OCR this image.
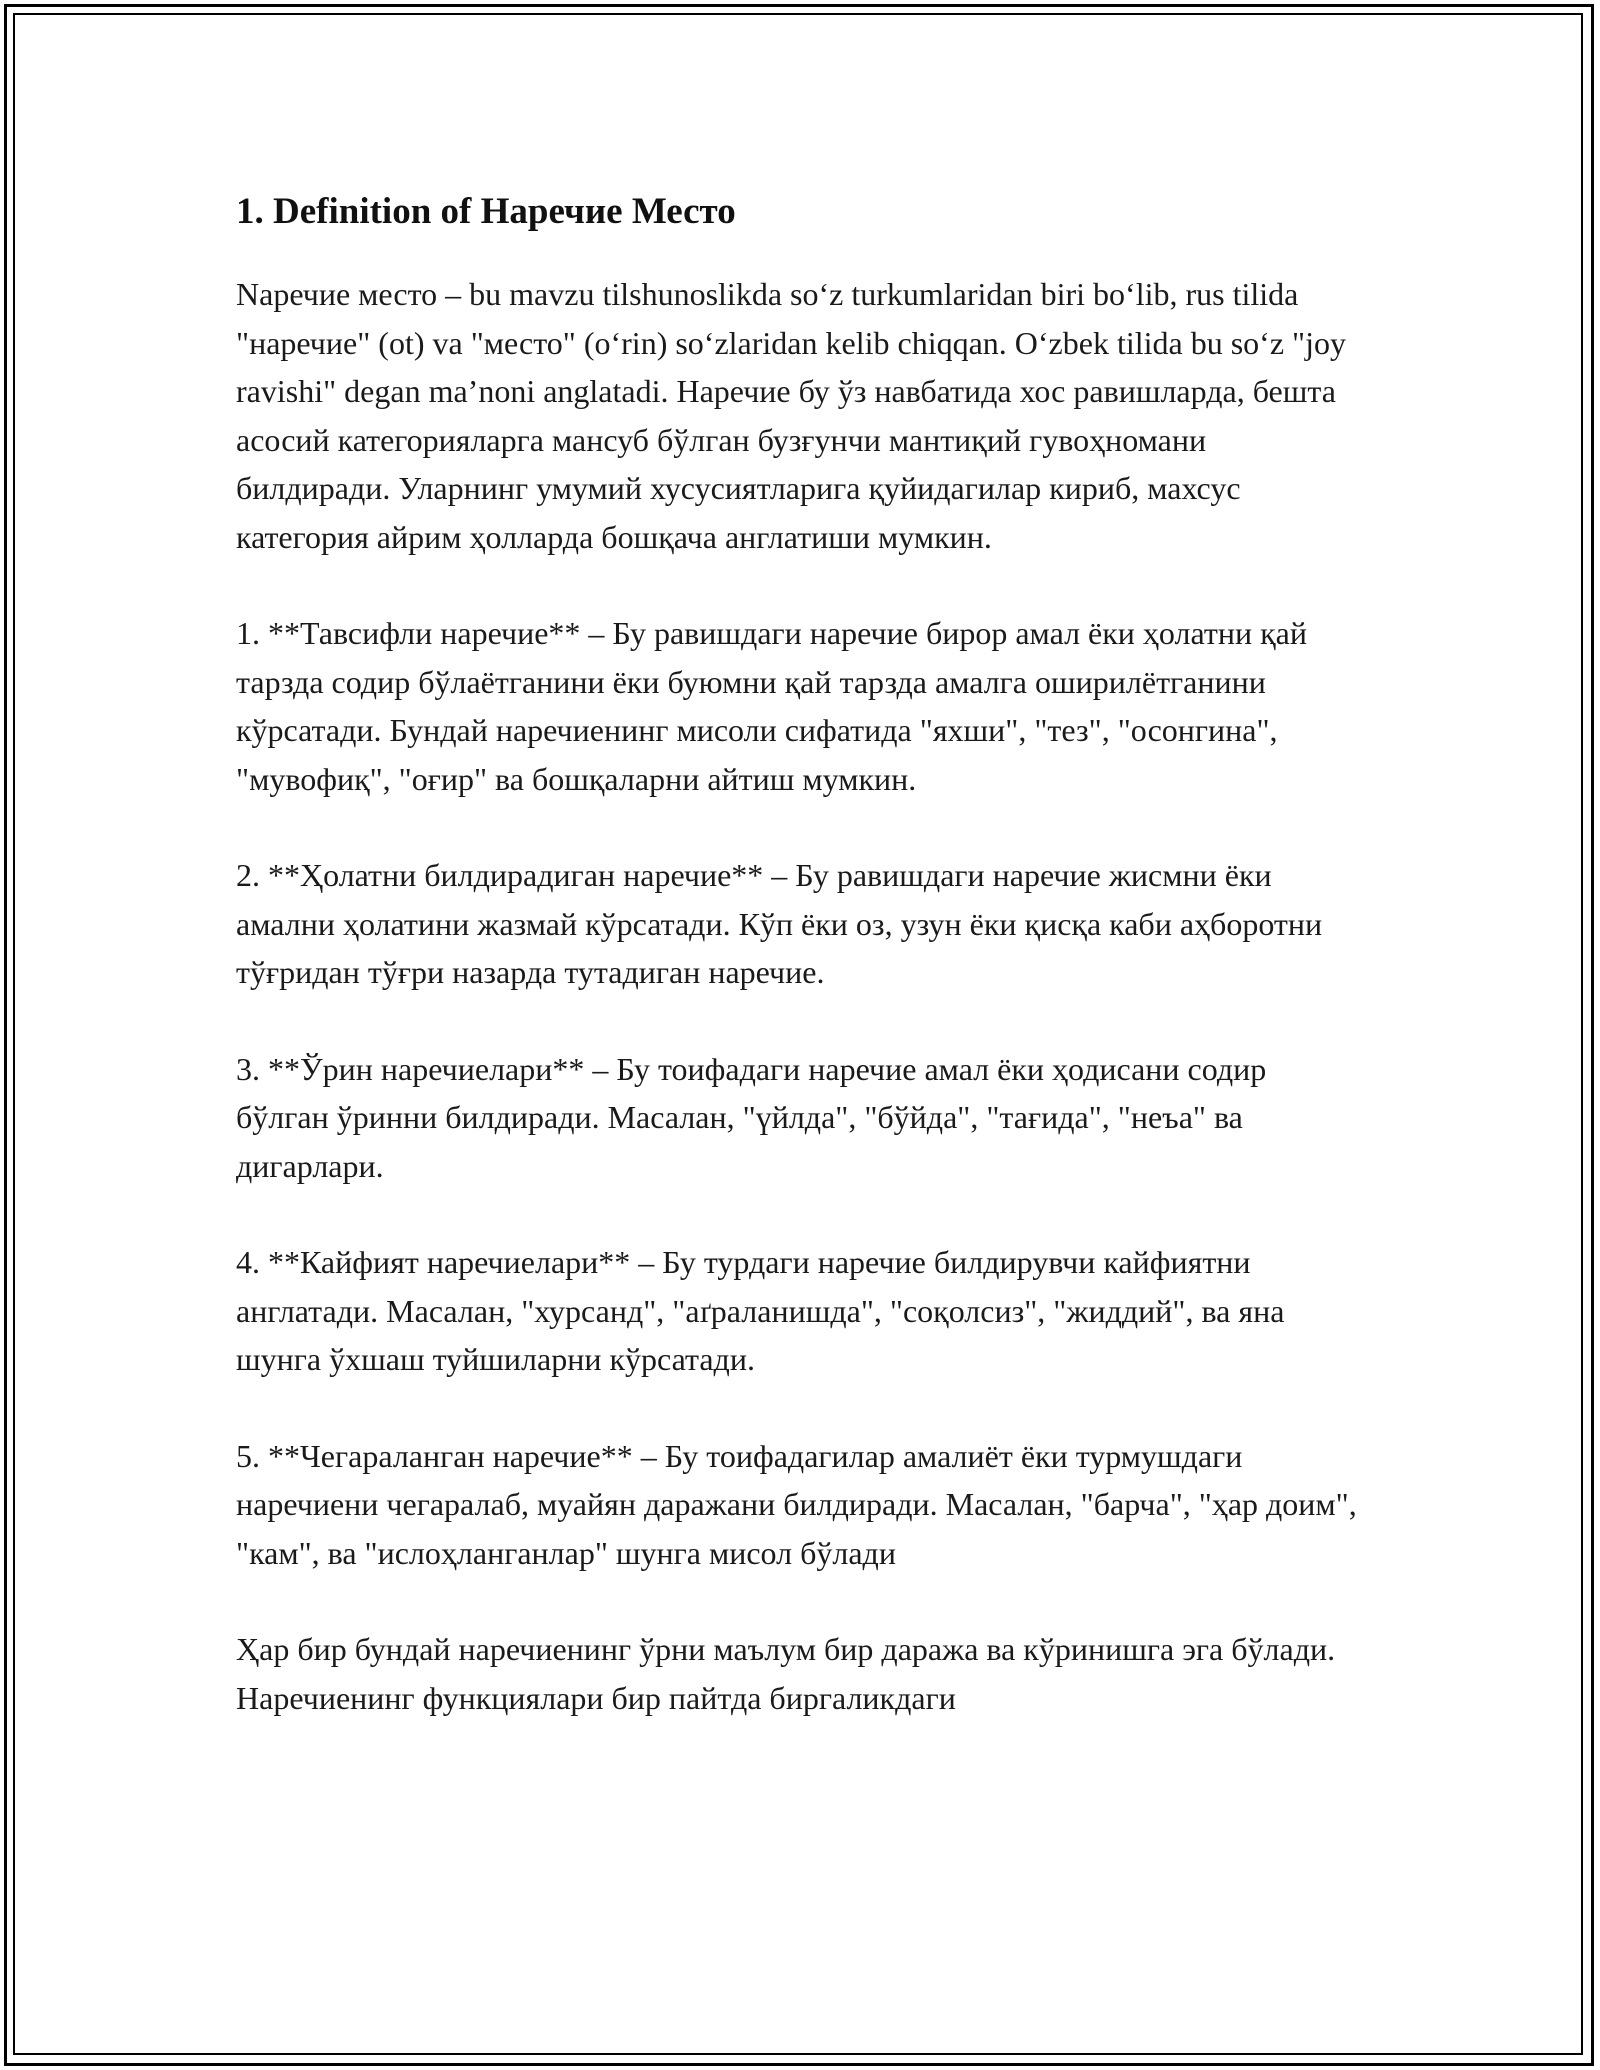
1. Definition of Наречие Место

Nаречие место – bu mavzu tilshunoslikda so‘z turkumlaridan biri bo‘lib, rus tilida "наречие" (ot) va "место" (o‘rin) so‘zlaridan kelib chiqqan. O‘zbek tilida bu so‘z "joy ravishi" degan ma’noni anglatadi. Наречие бу ўз навбатида хос равишларда, бешта асосий категорияларга мансуб бўлган бузғунчи мантиқий гувоҳномани билдиради. Уларнинг умумий хусусиятларига қуйидагилар кириб, махсус категория айрим ҳолларда бошқача англатиши мумкин.

1. **Тавсифли наречие** – Бу равишдаги наречие бирор амал ёки ҳолатни қай тарзда содир бўлаётганини ёки буюмни қай тарзда амалга оширилётганини кўрсатади. Бундай наречиенинг мисоли сифатида "яхши", "тез", "осонгина", "мувофиқ", "оғир" ва бошқаларни айтиш мумкин.

2. **Ҳолатни билдирадиган наречие** – Бу равишдаги наречие жисмни ёки амални ҳолатини жазмай кўрсатади. Кўп ёки оз, узун ёки қисқа каби аҳборотни тўғридан тўғри назарда тутадиган наречие.

3. **Ўрин наречиелари** – Бу тоифадаги наречие амал ёки ҳодисани содир бўлган ўринни билдиради. Масалан, "үйлда", "бўйда", "тағида", "неъа" ва дигарлари.

4. **Кайфият наречиелари** – Бу турдаги наречие билдирувчи кайфиятни англатади. Масалан, "хурсанд", "аґраланишда", "соқолсиз", "жиддий", ва яна шунга ўхшаш туйшиларни кўрсатади.

5. **Чегараланган наречие** – Бу тоифадагилар амалиёт ёки турмушдаги наречиени чегаралаб, муайян даражани билдиради. Масалан, "барча", "ҳар доим", "кам", ва "ислоҳланганлар" шунга мисол бўлади

Ҳар бир бундай наречиенинг ўрни маълум бир даража ва кўринишга эга бўлади. Наречиенинг функциялари бир пайтда биргаликдаги
